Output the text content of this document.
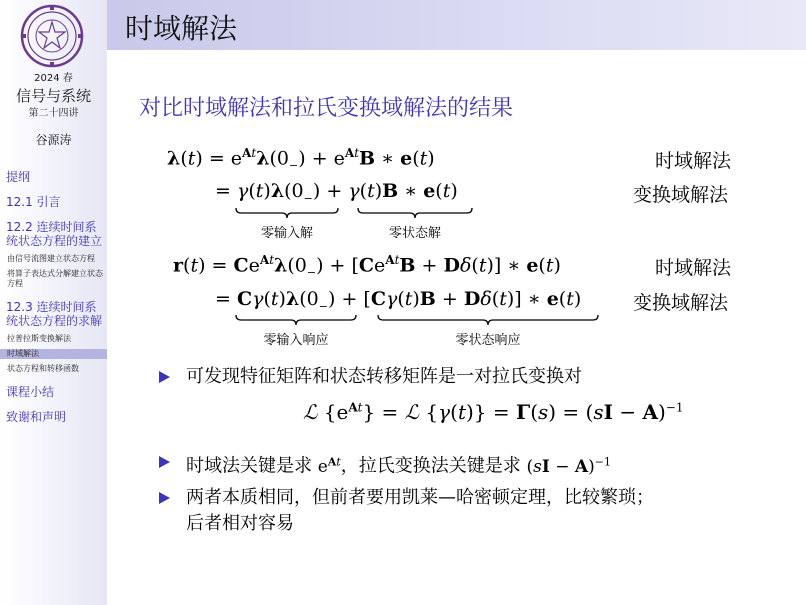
2024 春
信号与系统
第二十四讲
谷源涛
提纲
12.1 引言
12.2 连续时间系统状态方程的建立
由信号流图建立状态方程
将算子表达式分解建立状态方程
12.3 连续时间系统状态方程的求解
拉普拉斯变换解法
时域解法
状态方程和转移函数
课程小结
致谢和声明
时域解法
对比时域解法和拉氏变换域解法的结果
$\lambda(t) = e^{At}\lambda(0_-) + e^{At}B$ ∗ e(t)	时域解法
= $\gamma(t)\lambda(0_-) + \gamma(t)B$ ∗ e(t)	变换域解法
零输入解	零状态解
$r(t) = Ce^{At}\lambda(0_-) + [Ce^{At}B + D\delta(t)]$ ∗ e(t)	时域解法
= $C\gamma(t)\lambda(0_-) + [C\gamma(t)B + D\delta(t)]$ ∗ e(t)	变换域解法
零输入响应	零状态响应
可发现特征矩阵和状态转移矩阵是一对拉氏变换对
ℒ $\{e^{At}\}$ = ℒ {γ(t)} = Γ(s) = (sI − A)$^{-1}$
时域法关键是求 $e^{At}$，拉氏变换法关键是求 (sI − A)$^{-1}$
两者本质相同，但前者要用凯莱—哈密顿定理，比较繁琐；
后者相对容易
